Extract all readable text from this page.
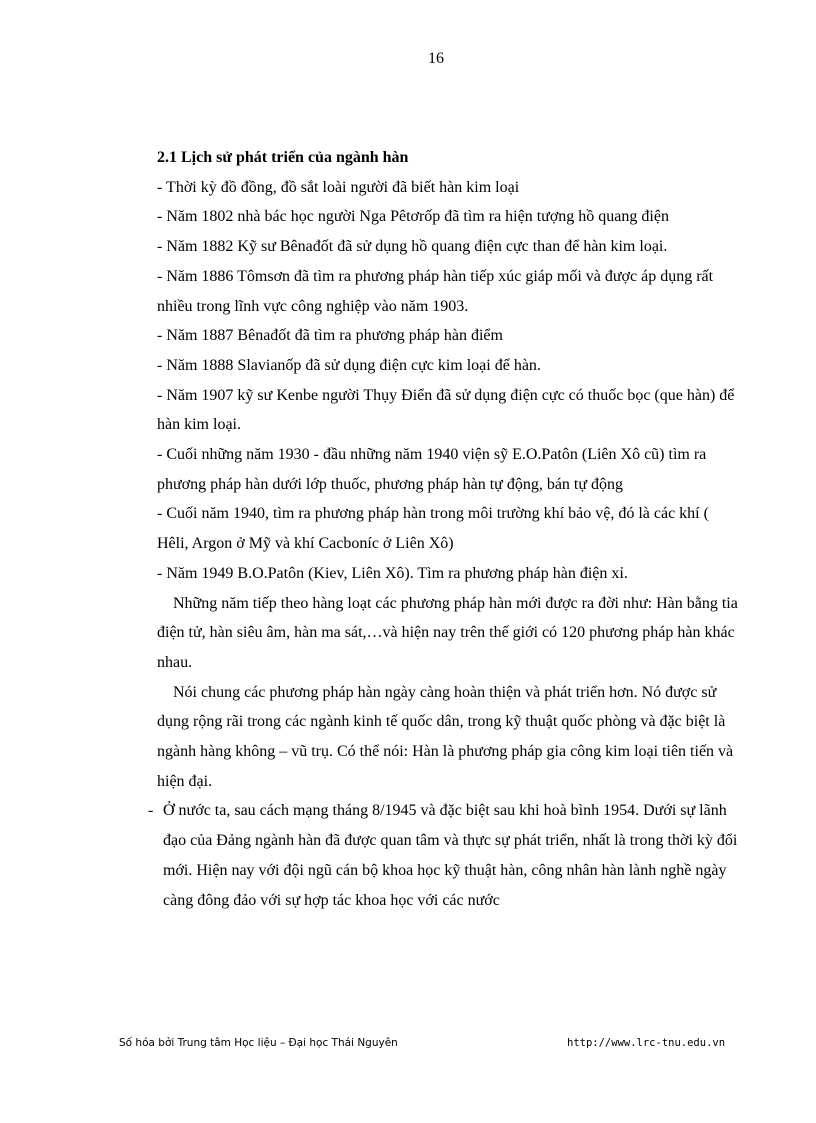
16

2.1 Lịch sử phát triển của ngành hàn

- Thời kỳ đồ đồng, đồ sắt loài người đã biết hàn kim loại

- Năm 1802 nhà bác học người Nga Pêtơrốp đã tìm ra hiện tượng hồ quang điện

- Năm 1882 Kỹ sư Bênađốt đã sử dụng hồ quang điện cực than để hàn kim loại.

- Năm 1886 Tômsơn đã tìm ra phương pháp hàn tiếp xúc giáp mối và được áp dụng rất nhiều trong lĩnh vực công nghiệp vào năm 1903.

- Năm 1887 Bênađốt đã tìm ra phương pháp hàn điểm

- Năm 1888 Slavianốp đã sử dụng điện cực kim loại để hàn.

- Năm 1907 kỹ sư Kenbe người Thụy Điển đã sử dụng điện cực có thuốc bọc (que hàn) để hàn kim loại.

- Cuối những năm 1930 - đầu những năm 1940 viện sỹ E.O.Patôn (Liên Xô cũ) tìm ra phương pháp hàn dưới lớp thuốc, phương pháp hàn tự động, bán tự động

- Cuối năm 1940, tìm ra phương pháp hàn trong môi trường khí bảo vệ, đó là các khí ( Hêli, Argon ở Mỹ và khí Cacboníc ở Liên Xô)

- Năm 1949 B.O.Patôn (Kiev, Liên Xô). Tìm ra phương pháp hàn điện xỉ.

Những năm tiếp theo hàng loạt các phương pháp hàn mới được ra đời như: Hàn bằng tia điện tử, hàn siêu âm, hàn ma sát,…và hiện nay trên thế giới có 120 phương pháp hàn khác nhau.

Nói chung các phương pháp hàn ngày càng hoàn thiện và phát triển hơn. Nó được sử dụng rộng rãi trong các ngành kinh tế quốc dân, trong kỹ thuật quốc phòng và đặc biệt là ngành hàng không – vũ trụ. Có thể nói: Hàn là phương pháp gia công kim loại tiên tiến và hiện đại.

- Ở nước ta, sau cách mạng tháng 8/1945 và đặc biệt sau khi hoà bình 1954. Dưới sự lãnh đạo của Đảng ngành hàn đã được quan tâm và thực sự phát triển, nhất là trong thời kỳ đổi mới. Hiện nay với đội ngũ cán bộ khoa học kỹ thuật hàn, công nhân hàn lành nghề ngày càng đông đảo với sự hợp tác khoa học với các nước
Số hóa bởi Trung tâm Học liệu – Đại học Thái Nguyên	http://www.lrc-tnu.edu.vn
